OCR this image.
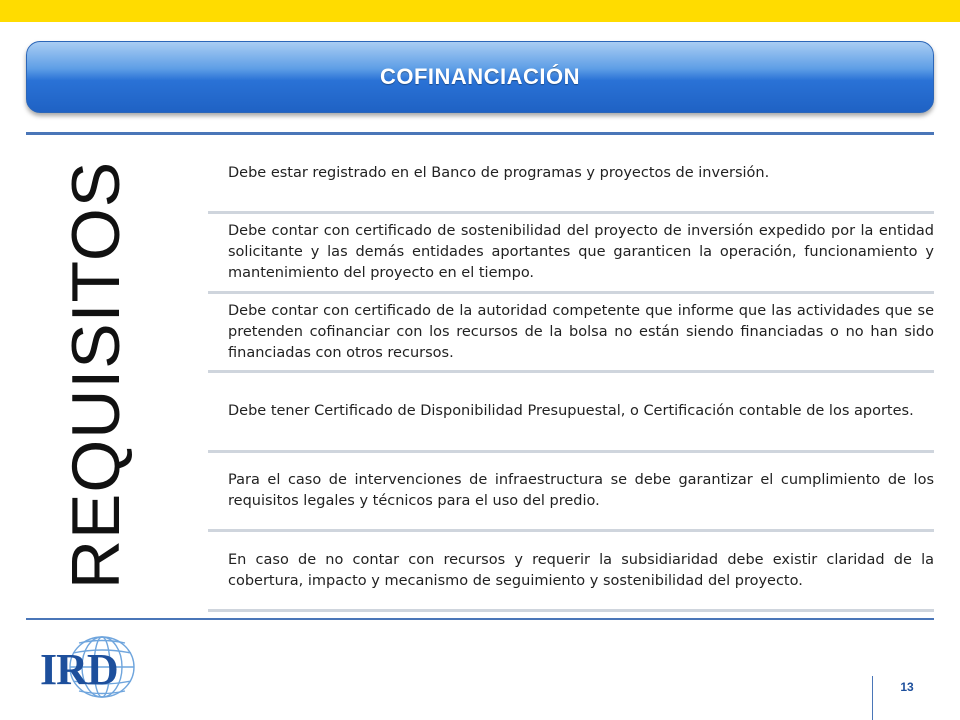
COFINANCIACIÓN
REQUISITOS	Debe estar registrado en el Banco de programas y proyectos de inversión.

Debe contar con certificado de sostenibilidad del proyecto de inversión expedido por la entidad solicitante y las demás entidades aportantes que garanticen la operación, funcionamiento y mantenimiento del proyecto en el tiempo.

Debe contar con certificado de la autoridad competente que informe que las actividades que se pretenden cofinanciar con los recursos de la bolsa no están siendo financiadas o no han sido financiadas con otros recursos.

Debe tener Certificado de Disponibilidad Presupuestal, o Certificación contable de los aportes.

Para el caso de intervenciones de infraestructura se debe garantizar el cumplimiento de los requisitos legales y técnicos para el uso del predio.

En caso de no contar con recursos y requerir la subsidiaridad debe existir claridad de la cobertura, impacto y mecanismo de seguimiento y sostenibilidad del proyecto.

IRD	13
